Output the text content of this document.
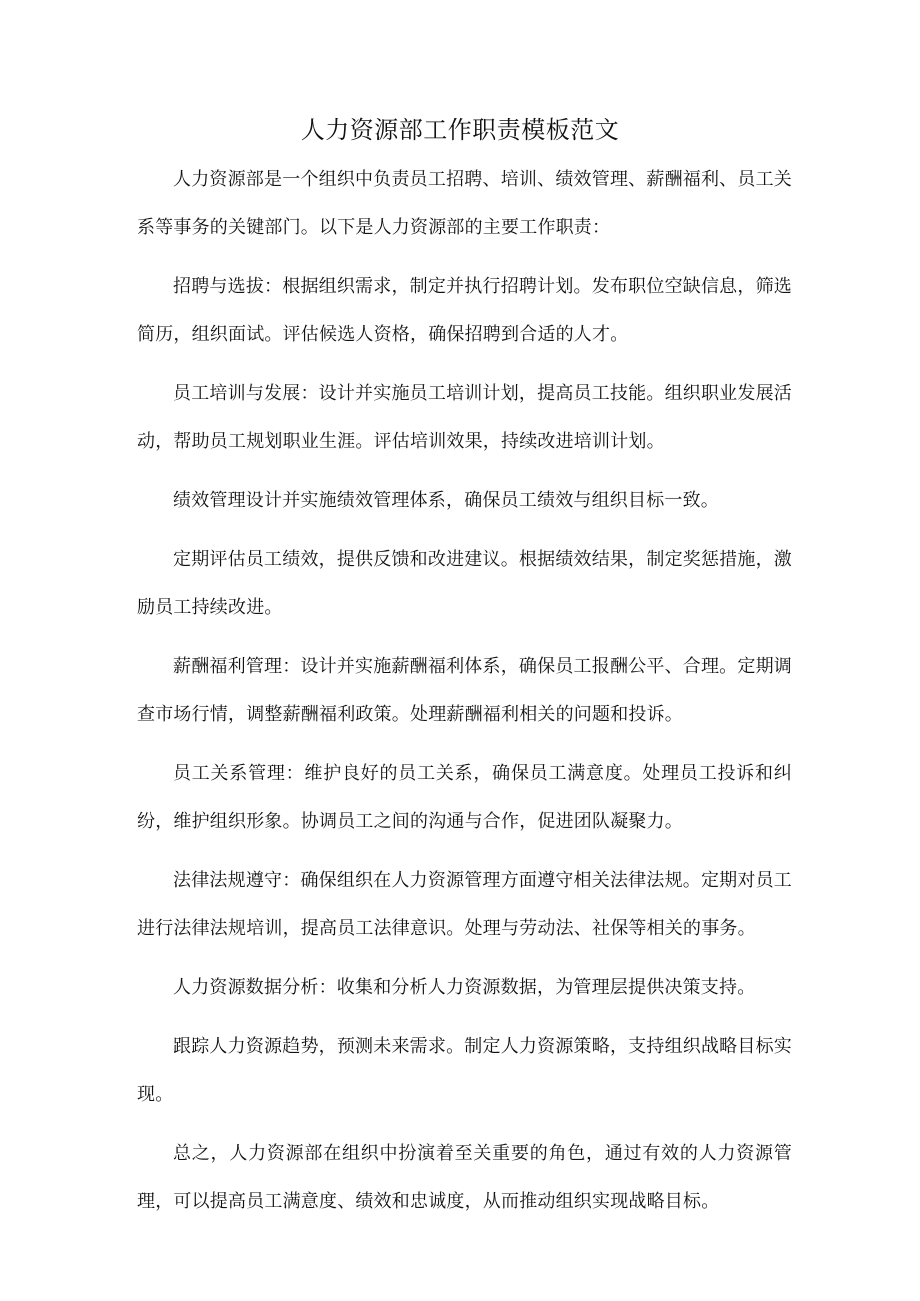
人力资源部工作职责模板范文

人力资源部是一个组织中负责员工招聘、培训、绩效管理、薪酬福利、员工关系等事务的关键部门。以下是人力资源部的主要工作职责：

招聘与选拔：根据组织需求，制定并执行招聘计划。发布职位空缺信息，筛选简历，组织面试。评估候选人资格，确保招聘到合适的人才。

员工培训与发展：设计并实施员工培训计划，提高员工技能。组织职业发展活动，帮助员工规划职业生涯。评估培训效果，持续改进培训计划。

绩效管理设计并实施绩效管理体系，确保员工绩效与组织目标一致。

定期评估员工绩效，提供反馈和改进建议。根据绩效结果，制定奖惩措施，激励员工持续改进。

薪酬福利管理：设计并实施薪酬福利体系，确保员工报酬公平、合理。定期调查市场行情，调整薪酬福利政策。处理薪酬福利相关的问题和投诉。

员工关系管理：维护良好的员工关系，确保员工满意度。处理员工投诉和纠纷，维护组织形象。协调员工之间的沟通与合作，促进团队凝聚力。

法律法规遵守：确保组织在人力资源管理方面遵守相关法律法规。定期对员工进行法律法规培训，提高员工法律意识。处理与劳动法、社保等相关的事务。

人力资源数据分析：收集和分析人力资源数据，为管理层提供决策支持。

跟踪人力资源趋势，预测未来需求。制定人力资源策略，支持组织战略目标实现。

总之，人力资源部在组织中扮演着至关重要的角色，通过有效的人力资源管理，可以提高员工满意度、绩效和忠诚度，从而推动组织实现战略目标。
